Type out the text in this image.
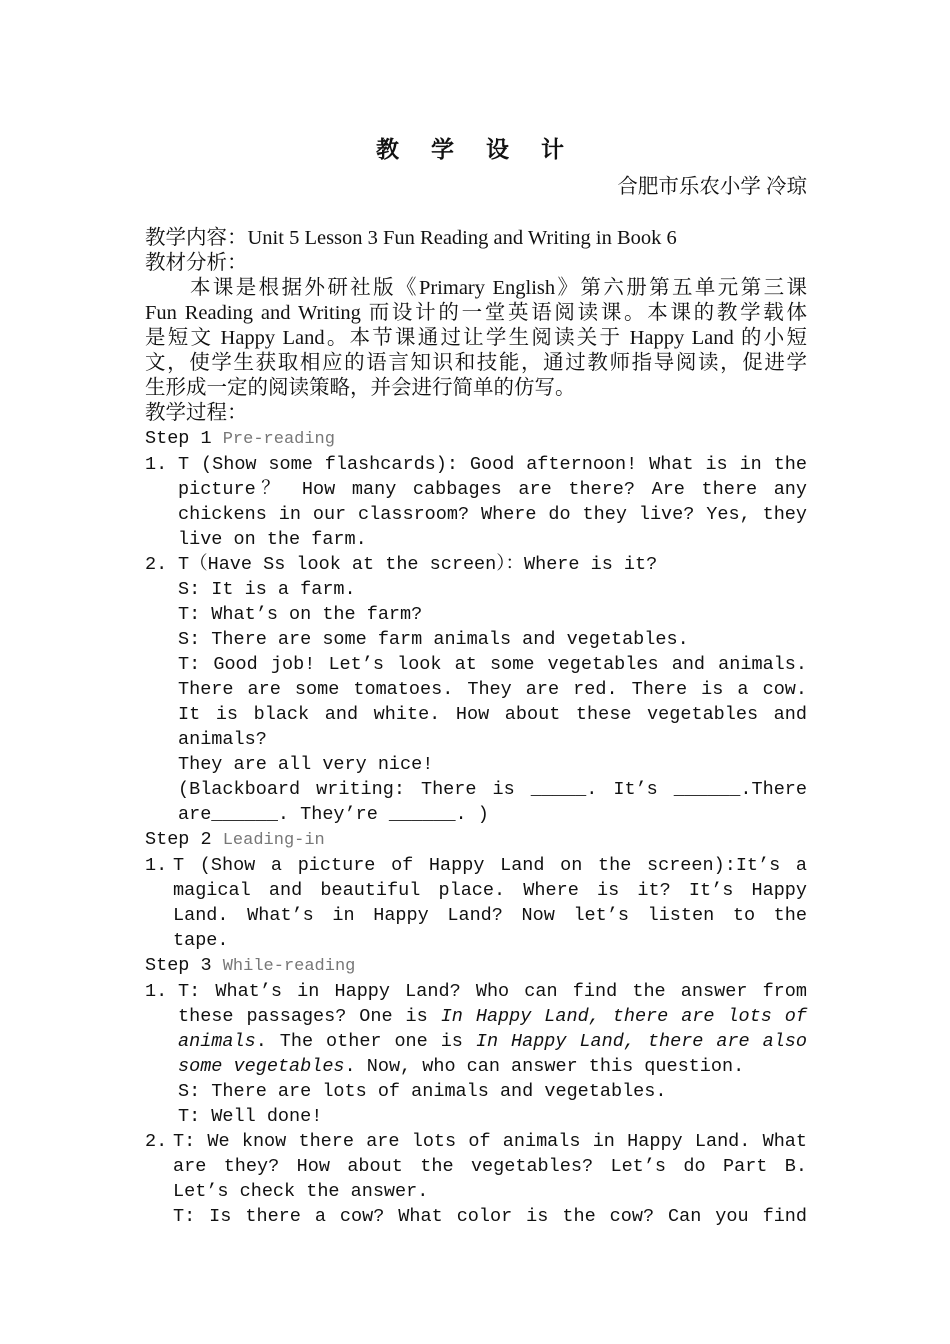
教 学 设 计
合肥市乐农小学 冷琼
教学内容：Unit 5 Lesson 3 Fun Reading and Writing in Book 6
教材分析：
本课是根据外研社版《Primary English》第六册第五单元第三课
Fun Reading and Writing 而设计的一堂英语阅读课。本课的教学载体
是短文 Happy Land。本节课通过让学生阅读关于 Happy Land 的小短
文，使学生获取相应的语言知识和技能，通过教师指导阅读，促进学
生形成一定的阅读策略，并会进行简单的仿写。
教学过程：
Step 1 Pre-reading
1. T (Show some flashcards): Good afternoon! What is in the
picture？ How many cabbages are there? Are there any
chickens in our classroom? Where do they live? Yes, they
live on the farm.
2. T（Have Ss look at the screen）：Where is it?
S: It is a farm.
T: What’s on the farm?
S: There are some farm animals and vegetables.
T: Good job! Let’s look at some vegetables and animals.
There are some tomatoes. They are red. There is a cow.
It is black and white. How about these vegetables and
animals?
They are all very nice!
(Blackboard writing: There is _____. It’s ______.There
are______. They’re ______. )
Step 2 Leading-in
1. T (Show a picture of Happy Land on the screen):It’s a
magical and beautiful place. Where is it? It’s Happy
Land. What’s in Happy Land? Now let’s listen to the
tape.
Step 3 While-reading
1. T: What’s in Happy Land? Who can find the answer from
these passages? One is In Happy Land, there are lots of
animals. The other one is In Happy Land, there are also
some vegetables. Now, who can answer this question.
S: There are lots of animals and vegetables.
T: Well done!
2. T: We know there are lots of animals in Happy Land. What
are they? How about the vegetables? Let’s do Part B.
Let’s check the answer.
T: Is there a cow? What color is the cow? Can you find
